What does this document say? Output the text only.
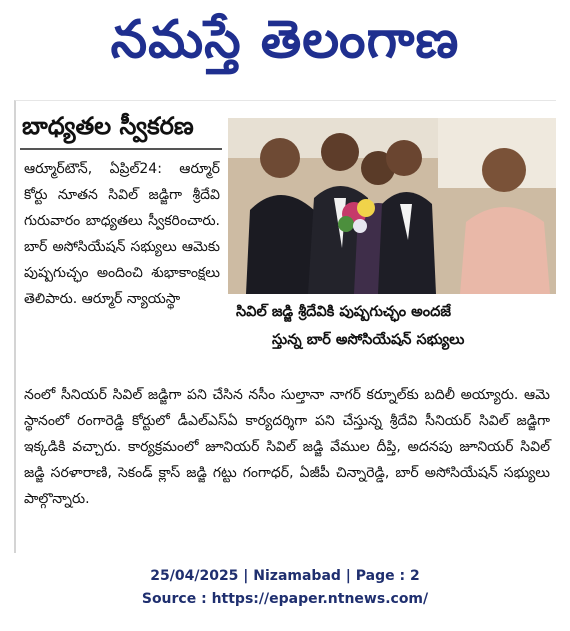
నమస్తే తెలంగాణ
బాధ్యతల స్వీకరణ
ఆర్మూర్‌టౌన్, ఏప్రిల్‌24: ఆర్మూర్ కోర్టు నూతన సివిల్ జడ్జిగా శ్రీదేవి గురువారం బాధ్యతలు స్వీకరించారు. బార్ అసోసియేషన్ సభ్యులు ఆమెకు పుష్పగుచ్ఛం అందించి శుభాకాంక్షలు తెలిపారు. ఆర్మూర్ న్యాయస్థా
సివిల్ జడ్జి శ్రీదేవికి పుష్పగుచ్ఛం అందజే
స్తున్న బార్ అసోసియేషన్ సభ్యులు
నంలో సీనియర్ సివిల్ జడ్జిగా పని చేసిన నసీం సుల్తానా నాగర్ కర్నూల్‌కు బదిలీ అయ్యారు. ఆమె స్థానంలో రంగారెడ్డి కోర్టులో డీఎల్ఎస్ఏ కార్యదర్శిగా పని చేస్తున్న శ్రీదేవి సీనియర్ సివిల్ జడ్జిగా ఇక్కడికి వచ్చారు. కార్యక్రమంలో జూనియర్ సివిల్ జడ్జి వేముల దీప్తి, అదనపు జూనియర్ సివిల్ జడ్జి సరళారాణి, సెకండ్ క్లాస్ జడ్జి గట్టు గంగాధర్, ఏజీపీ చిన్నారెడ్డి, బార్ అసోసియేషన్ సభ్యులు పాల్గొన్నారు.
25/04/2025 | Nizamabad | Page : 2
Source : https://epaper.ntnews.com/
